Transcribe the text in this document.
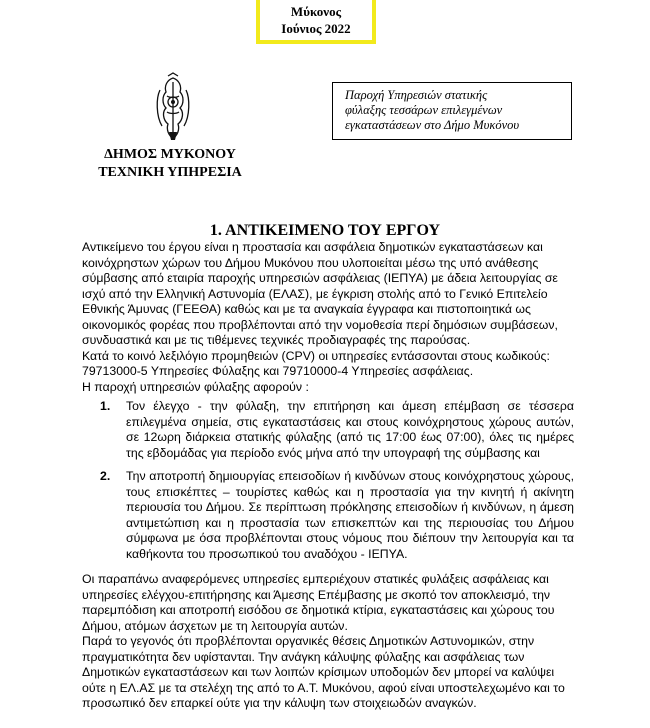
Μύκονος
Ιούνιος 2022
ΔΗΜΟΣ ΜΥΚΟΝΟΥ
ΤΕΧΝΙΚΗ ΥΠΗΡΕΣΙΑ
Παροχή Υπηρεσιών στατικής
φύλαξης τεσσάρων επιλεγμένων
εγκαταστάσεων στο Δήμο Μυκόνου
1. ΑΝΤΙΚΕΙΜΕΝΟ ΤΟΥ ΕΡΓΟΥ

Αντικείμενο του έργου είναι η προστασία και ασφάλεια δημοτικών εγκαταστάσεων και κοινόχρηστων χώρων του Δήμου Μυκόνου που υλοποιείται μέσω της υπό ανάθεσης σύμβασης από εταιρία παροχής υπηρεσιών ασφάλειας (ΙΕΠΥΑ) με άδεια λειτουργίας σε ισχύ από την Ελληνική Αστυνομία (ΕΛΑΣ), με έγκριση στολής από το Γενικό Επιτελείο Εθνικής Άμυνας (ΓΕΕΘΑ) καθώς και με τα αναγκαία έγγραφα και πιστοποιητικά ως οικονομικός φορέας που προβλέπονται από την νομοθεσία περί δημόσιων συμβάσεων, συνδυαστικά και με τις τιθέμενες τεχνικές προδιαγραφές της παρούσας.

Κατά το κοινό λεξιλόγιο προμηθειών (CPV) οι υπηρεσίες εντάσσονται στους κωδικούς: 79713000-5 Υπηρεσίες Φύλαξης και 79710000-4 Υπηρεσίες ασφάλειας.

Η παροχή υπηρεσιών φύλαξης αφορούν :

1.	Τον έλεγχο - την φύλαξη, την επιτήρηση και άμεση επέμβαση σε τέσσερα επιλεγμένα σημεία, στις εγκαταστάσεις και στους κοινόχρηστους χώρους αυτών, σε 12ωρη διάρκεια στατικής φύλαξης (από τις 17:00 έως 07:00), όλες τις ημέρες της εβδομάδας για περίοδο ενός μήνα από την υπογραφή της σύμβασης και
2.	Την αποτροπή δημιουργίας επεισοδίων ή κινδύνων στους κοινόχρηστους χώρους, τους επισκέπτες – τουρίστες καθώς και η προστασία για την κινητή ή ακίνητη περιουσία του Δήμου. Σε περίπτωση πρόκλησης επεισοδίων ή κινδύνων, η άμεση αντιμετώπιση και η προστασία των επισκεπτών και της περιουσίας του Δήμου σύμφωνα με όσα προβλέπονται στους νόμους που διέπουν την λειτουργία και τα καθήκοντα του προσωπικού του αναδόχου - ΙΕΠΥΑ.

Οι παραπάνω αναφερόμενες υπηρεσίες εμπεριέχουν στατικές φυλάξεις ασφάλειας και υπηρεσίες ελέγχου-επιτήρησης και Άμεσης Επέμβασης με σκοπό τον αποκλεισμό, την παρεμπόδιση και αποτροπή εισόδου σε δημοτικά κτίρια, εγκαταστάσεις και χώρους του Δήμου, ατόμων άσχετων με τη λειτουργία αυτών.

Παρά το γεγονός ότι προβλέπονται οργανικές θέσεις Δημοτικών Αστυνομικών, στην πραγματικότητα δεν υφίστανται. Την ανάγκη κάλυψης φύλαξης και ασφάλειας των Δημοτικών εγκαταστάσεων και των λοιπών κρίσιμων υποδομών δεν μπορεί να καλύψει ούτε η ΕΛ.ΑΣ με τα στελέχη της από το Α.Τ. Μυκόνου, αφού είναι υποστελεχωμένο και το προσωπικό δεν επαρκεί ούτε για την κάλυψη των στοιχειωδών αναγκών.
